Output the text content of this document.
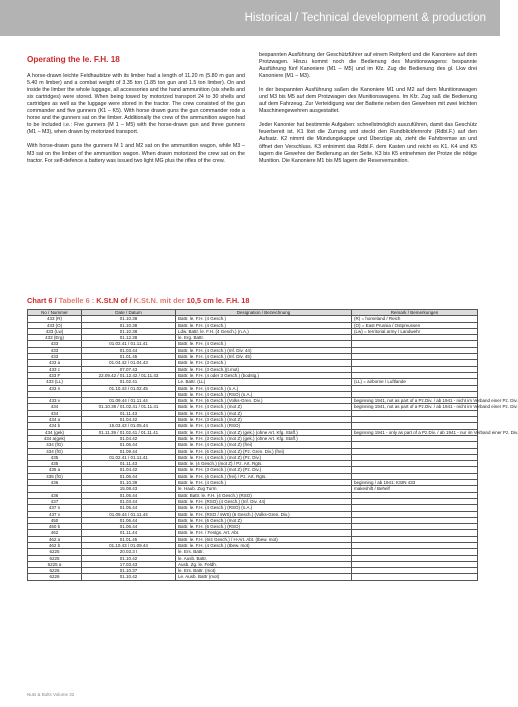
Historical / Technical development & production
Operating the le. F.H. 18

A horse-drawn leichte Feldhaubitze with its limber had a length of 11.20 m (5.80 m gun and 5.40 m limber) and a combat weight of 3.35 ton (1.85 ton gun and 1.5 ton limber). On and inside the limber the whole luggage, all accessories and the hand ammunition (six shells and six cartridges) were stored. When being towed by motorized transport 24 to 30 shells and cartridges as well as the luggage were stored in the tractor. The crew consisted of the gun commander and five gunners (K1 – K5). With horse drawn guns the gun commander rode a horse and the gunners sat on the limber. Additionally the crew of the ammunition wagon had to be included i.e.: Five gunners (M 1 – M5) with the horse-drawn gun and three gunners (M1 – M3), when drawn by motorized transport.

With horse-drawn guns the gunners M 1 and M2 sat on the ammunition wagon, while M3 – M3 sat on the limber of the ammunition wagon. When drawn motorized the crew sat on the tractor. For self-defence a battery was issued two light MG plus the rifles of the crew.

bespannten Ausführung der Geschützführer auf einem Reitpferd und die Kanoniere auf dem Protzwagen. Hinzu kommt noch die Bedienung des Munitionswagens: bespannte Ausführung fünf Kanoniere (M1 – M5) und im Kfz. Zug die Bedienung des gl. Lkw drei Kanoniere (M1 – M3).

In der bespannten Ausführung saßen die Kanoniere M1 und M2 auf dem Munitionswagen und M3 bis M5 auf dem Protzwagen des Munitionswagens. Im Kfz. Zug saß die Bedienung auf dem Fahrzeug. Zur Verteidigung war der Batterie neben den Gewehren mit zwei leichten Maschinengewehren ausgestattet.

Jeder Kanonier hat bestimmte Aufgaben: schnellstmöglich auszuführen, damit das Geschütz feuerbereit ist. K1 löst die Zurrung und steckt den Rundblickfernrohr (Rdbl.F.) auf den Aufsatz. K2 nimmt die Mündungskappe und Überzüge ab, zieht die Fahrbremse an und öffnet den Verschluss. K3 entnimmt das Rdbl.F. dem Kasten und reicht es K1. K4 und K5 lagern die Gewehre der Bedienung an der Seite. K3 bis K5 entnehmen der Protze die nötige Munition. Die Kanoniere M1 bis M5 lagern die Reservemunition.

Chart 6 / Tabelle 6 : K.St.N of / K.St.N. mit der 10,5 cm le. F.H. 18
No / Nummer	Date / Datum	Designation / Bezeichnung	Remark / Bemerkungen
433 (R)	01.10.38	Battr. le. F.H. (4 Gesch.)	(R) = homeland / Reich
433 (O)	01.10.38	Battr. le. F.H. (4 Gesch.)	(O) = East Prussia / Ostpreussen
433 (Lw)	01.10.38	Ldw. Battr. le. F.H. (4 Gesch.) (n.A.)	(Lw) = territorial army / Landwehr
433 (Erg)	01.12.38	le. Erg. Battr.	
433	01.02.41 / 01.11.41	Battr. le. F.H. (4 Gesch.)	
433	01.03.44	Battr. le. F.H. (4 Gesch.) (Inf. Div. 44)	
433	01.01.45	Battr. le. F.H. (4 Gesch.) (Inf. Div. 45)	
433 a	01.04.42 / 01.04.43	Battr. le. F.H. (3 Gesch.)	
433 c	07.07.43	Battr. le. F.H. (3 Gesch.)(t.mot)	
433 F	22.09.42 / 01.12.42 / 01.11.43	Battr. le. F.H. (4 oder 3 Gesch.) (bodstg.)	
433 (LL)	01.02.41	Le. Battr. (LL)	(LL) = airborne / Luftlande
433 n	01.10.43 / 01.02.45	Battr. le. F.H. (4 Gesch.) (n.A.)	
		Battr. le. F.H. (4 Gesch.) (RSO) (n.A.)	
433 v	01.09.44 / 01.11.44	Battr. le. F.H. (6 Gesch.) (Volks-Gren. Div.)	beginning 1941, not as part of a Pz.Div. / ab 1941 - nicht im Verband einer Pz. Div.
434	01.10.38 / 01.02.41 / 01.11.41	Battr. le. F.H. (4 Gesch.) (mot Z)	beginning 1941, not as part of a Pz.Div. / ab 1941 - nicht im Verband einer Pz. Div.
434	01.11.43	Battr. le. F.H. (4 Gesch.) (mot Z)	
434 a	01.04.42	Battr. le. F.H. (3 Gesch.) (mot Z)	
434 b	15.03.43 / 01.05.44	Battr. le. F.H. (4 Gesch.) (RSO)	
434 (gek)	01.11.39 / 01.02.41 / 01.11.41	Battr. le. F.H. (4 Gesch.) (mot Z) (gek.) (ohne Art. Kfg. Staff.)	beginning 1941 - only as part of a Pz.Div. / ab 1941 - nur im Verband einer Pz. Div.
434 a(gek)	01.04.42	Battr. le. F.H. (3 Gesch.) (mot Z) (gek.) (ohne Art. Kfg. Staff.)	
434 (fG)	01.06.44	Battr. le. F.H. (4 Gesch.) (mot Z) (frei)	
434 (fG)	01.09.44	Battr. le. F.H. (6 Gesch.) (mot Z) (Pz. Gren. Div.) (frei)	
435	01.02.41 / 01.11.41	Battr. le. F.H. (4 Gesch.) (mot Z) (Pz. Div.)	
435	01.11.43	Battr. le. (4 Gesch.) (mot Z) / Pz. Art. Rgts.	
435 a	01.04.42	Battr. le. F.H. (3 Gesch.) (mot Z) (Pz. Div.)	
435 (fG)	01.06.44	Battr. le. F.H. (6 Gesch.) (frei) / Pz. Art. Rgts.	
436	01.10.39	Battr. le. F.H. (4 Gesch.)	beginning / ab 1941: KStN 433
	15.08.43	le. Haub. Zug Turm	makeshift / Behelf
436	01.05.44	Battr. Battr. le. F.H. (4 Gesch.) (RSO)	
437	01.03.44	Battr. le. F.H. (RSO) (4 Gesch.) (Inf. Div. 44)	
437 n	01.05.44	Battr. le. F.H. (4 Gesch.) (RSO) (n.A.)	
437 v	01.09.44 / 01.11.44	Battr. le. F.H. (RSO / sWS) (6 Gesch.) (Volks-Gren. Div.)	
450	01.06.44	Battr. le. F.H. (6 Gesch.) (mot Z)	
450 b	01.06.44	Battr. le. F.H. (6 Gesch.) (RSO)	
462	01.11.44	Battr. le. F.H. / Festgs. Art. Abt.	
462 a	01.01.45	Battr. le. F.H. (6/4 Gesch.) / H-Art. Abt. (tbew. mot)	
462 b	01.10.43 / 01.09.44	Battr. le. F.H. (4 Gesch.) (tbew. mot)	
6225	20.03.3 I	le. Ers. Battr.	
6225	01.10.42	le. Ausb. Battr.	
6225 a	17.03.43	Ausb. Zg. le. Feldh.	
6226	01.10.37	le. Ers. Battr. (mot)	
6226	01.10.42	Le. Ausb. Battr (mot)	
Nuts & Bolts Volume 32
